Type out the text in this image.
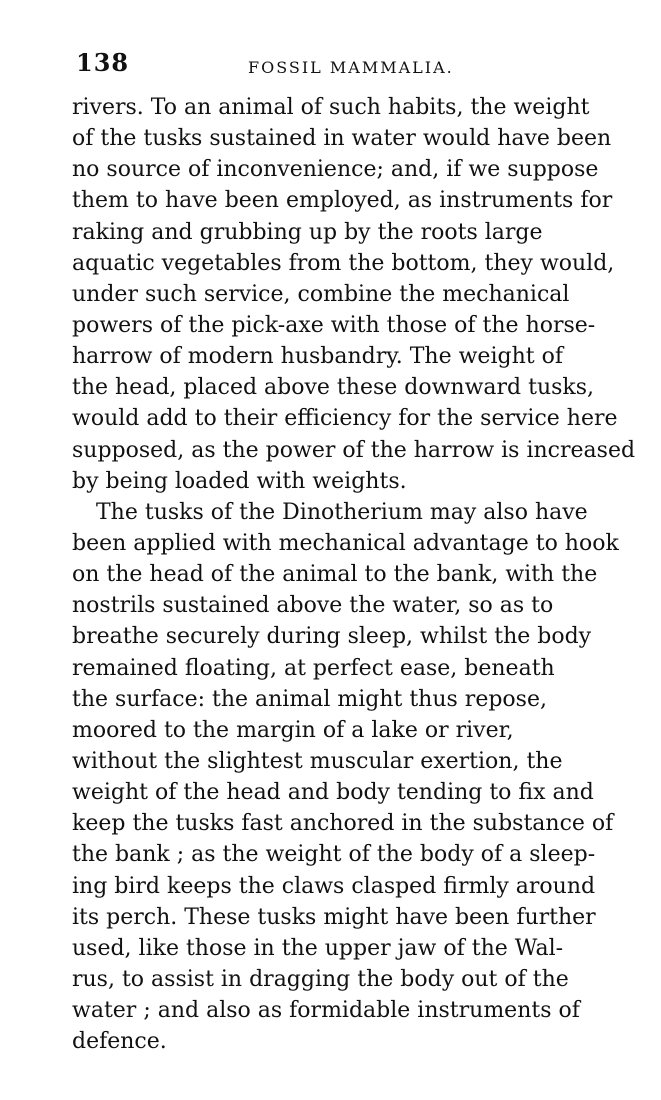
138	FOSSIL MAMMALIA.
rivers. To an animal of such habits, the weight
of the tusks sustained in water would have been
no source of inconvenience; and, if we suppose
them to have been employed, as instruments for
raking and grubbing up by the roots large
aquatic vegetables from the bottom, they would,
under such service, combine the mechanical
powers of the pick-axe with those of the horse-
harrow of modern husbandry. The weight of
the head, placed above these downward tusks,
would add to their efficiency for the service here
supposed, as the power of the harrow is increased
by being loaded with weights.
The tusks of the Dinotherium may also have
been applied with mechanical advantage to hook
on the head of the animal to the bank, with the
nostrils sustained above the water, so as to
breathe securely during sleep, whilst the body
remained floating, at perfect ease, beneath
the surface: the animal might thus repose,
moored to the margin of a lake or river,
without the slightest muscular exertion, the
weight of the head and body tending to fix and
keep the tusks fast anchored in the substance of
the bank ; as the weight of the body of a sleep-
ing bird keeps the claws clasped firmly around
its perch. These tusks might have been further
used, like those in the upper jaw of the Wal-
rus, to assist in dragging the body out of the
water ; and also as formidable instruments of
defence.
